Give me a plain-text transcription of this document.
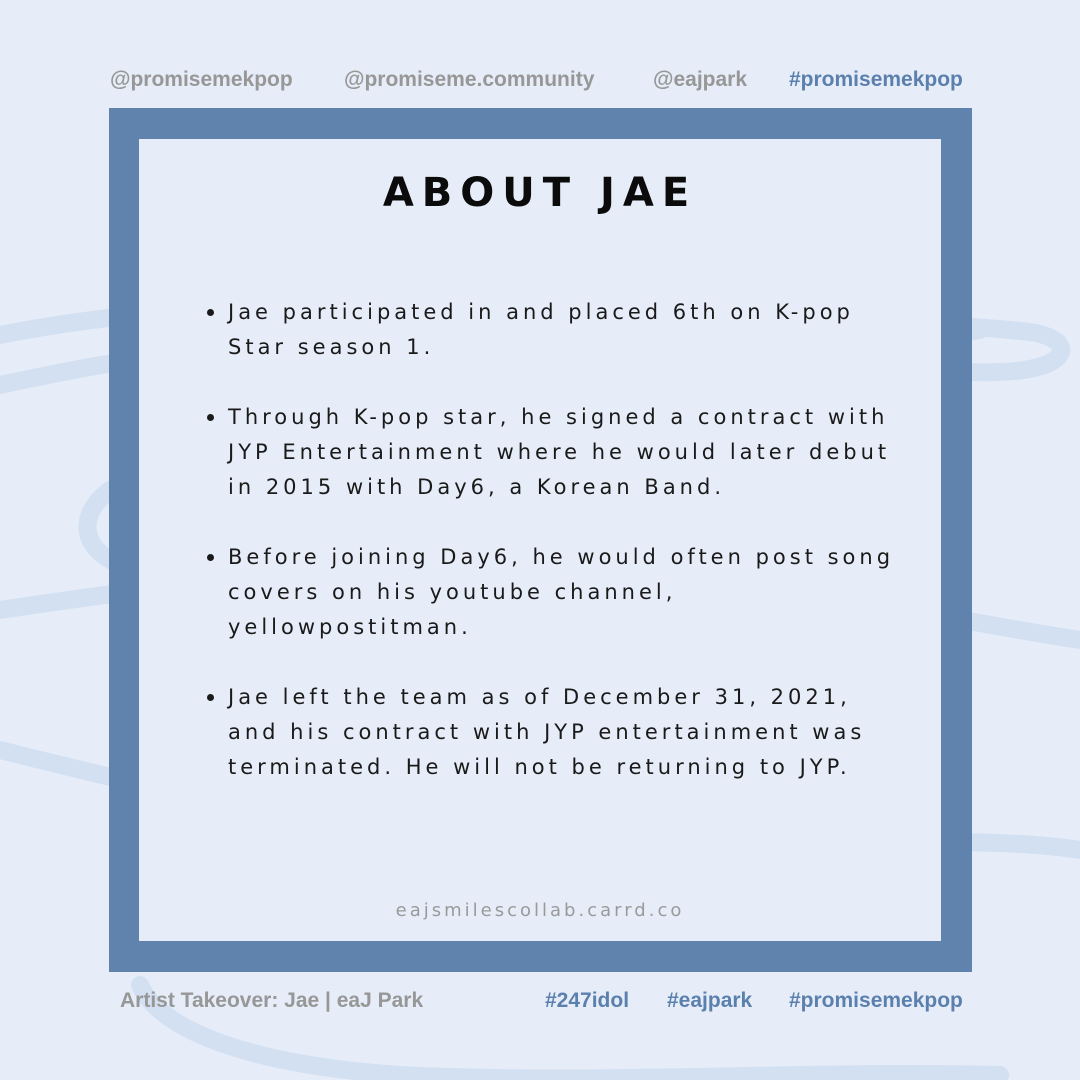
@promisemekpop @promiseme.community	@eajpark #promisemekpop
ABOUT JAE
Jae participated in and placed 6th on K-pop Star season 1.
Through K-pop star, he signed a contract with JYP Entertainment where he would later debut in 2015 with Day6, a Korean Band.
Before joining Day6, he would often post song covers on his youtube channel, yellowpostitman.
Jae left the team as of December 31, 2021, and his contract with JYP entertainment was terminated. He will not be returning to JYP.
eajsmilescollab.carrd.co
Artist Takeover: Jae | eaJ Park	#247idol #eajpark #promisemekpop
